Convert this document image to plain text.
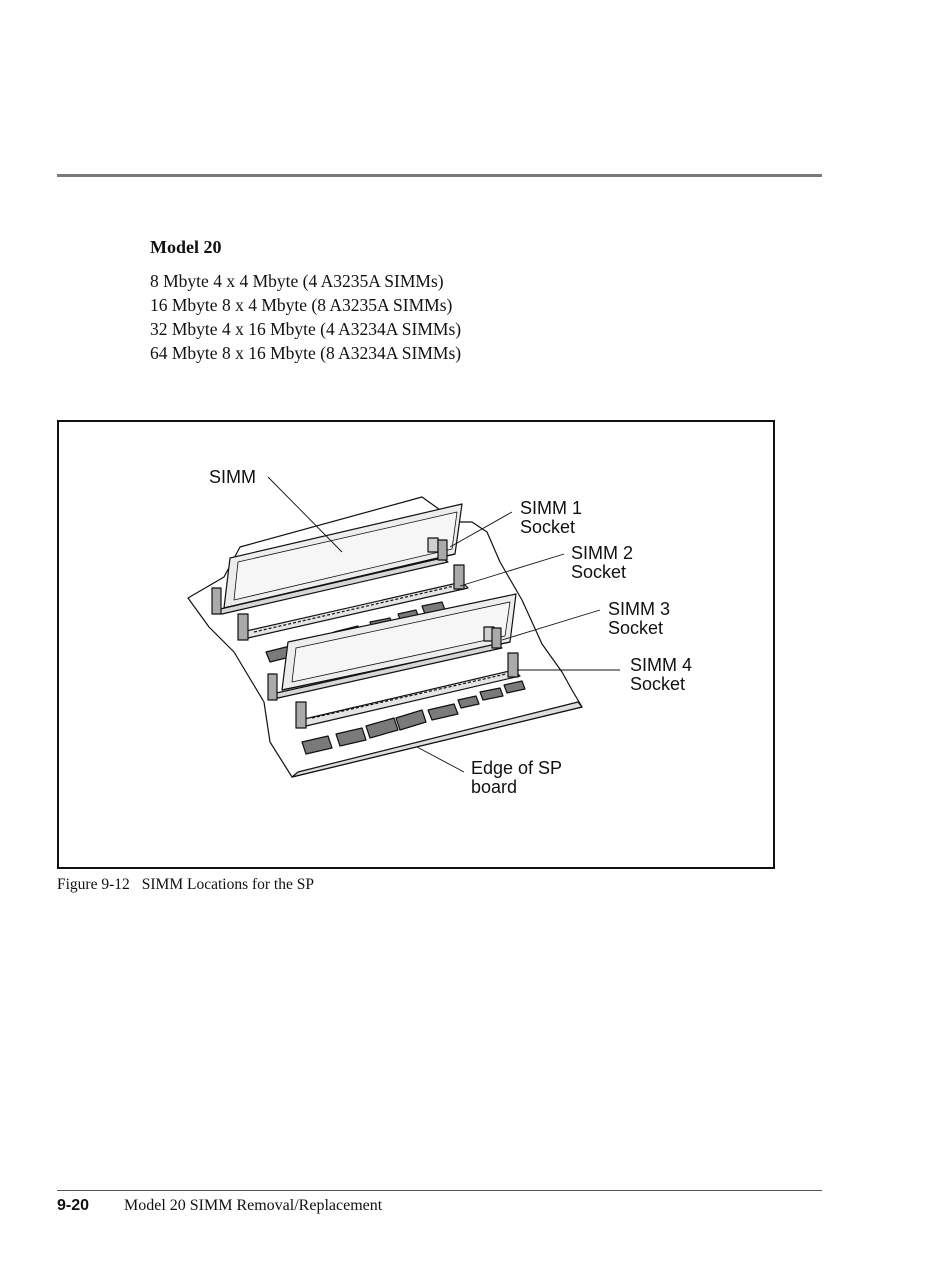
Model 20
8 Mbyte 4 x 4 Mbyte (4 A3235A SIMMs)
16 Mbyte 8 x 4 Mbyte (8 A3235A SIMMs)
32 Mbyte 4 x 16 Mbyte (4 A3234A SIMMs)
64 Mbyte 8 x 16 Mbyte (8 A3234A SIMMs)
SIMM
SIMM 1
Socket
SIMM 2
Socket
SIMM 3
Socket
SIMM 4
Socket
Edge of SP
board
Figure 9-12 SIMM Locations for the SP
9-20 Model 20 SIMM Removal/Replacement
